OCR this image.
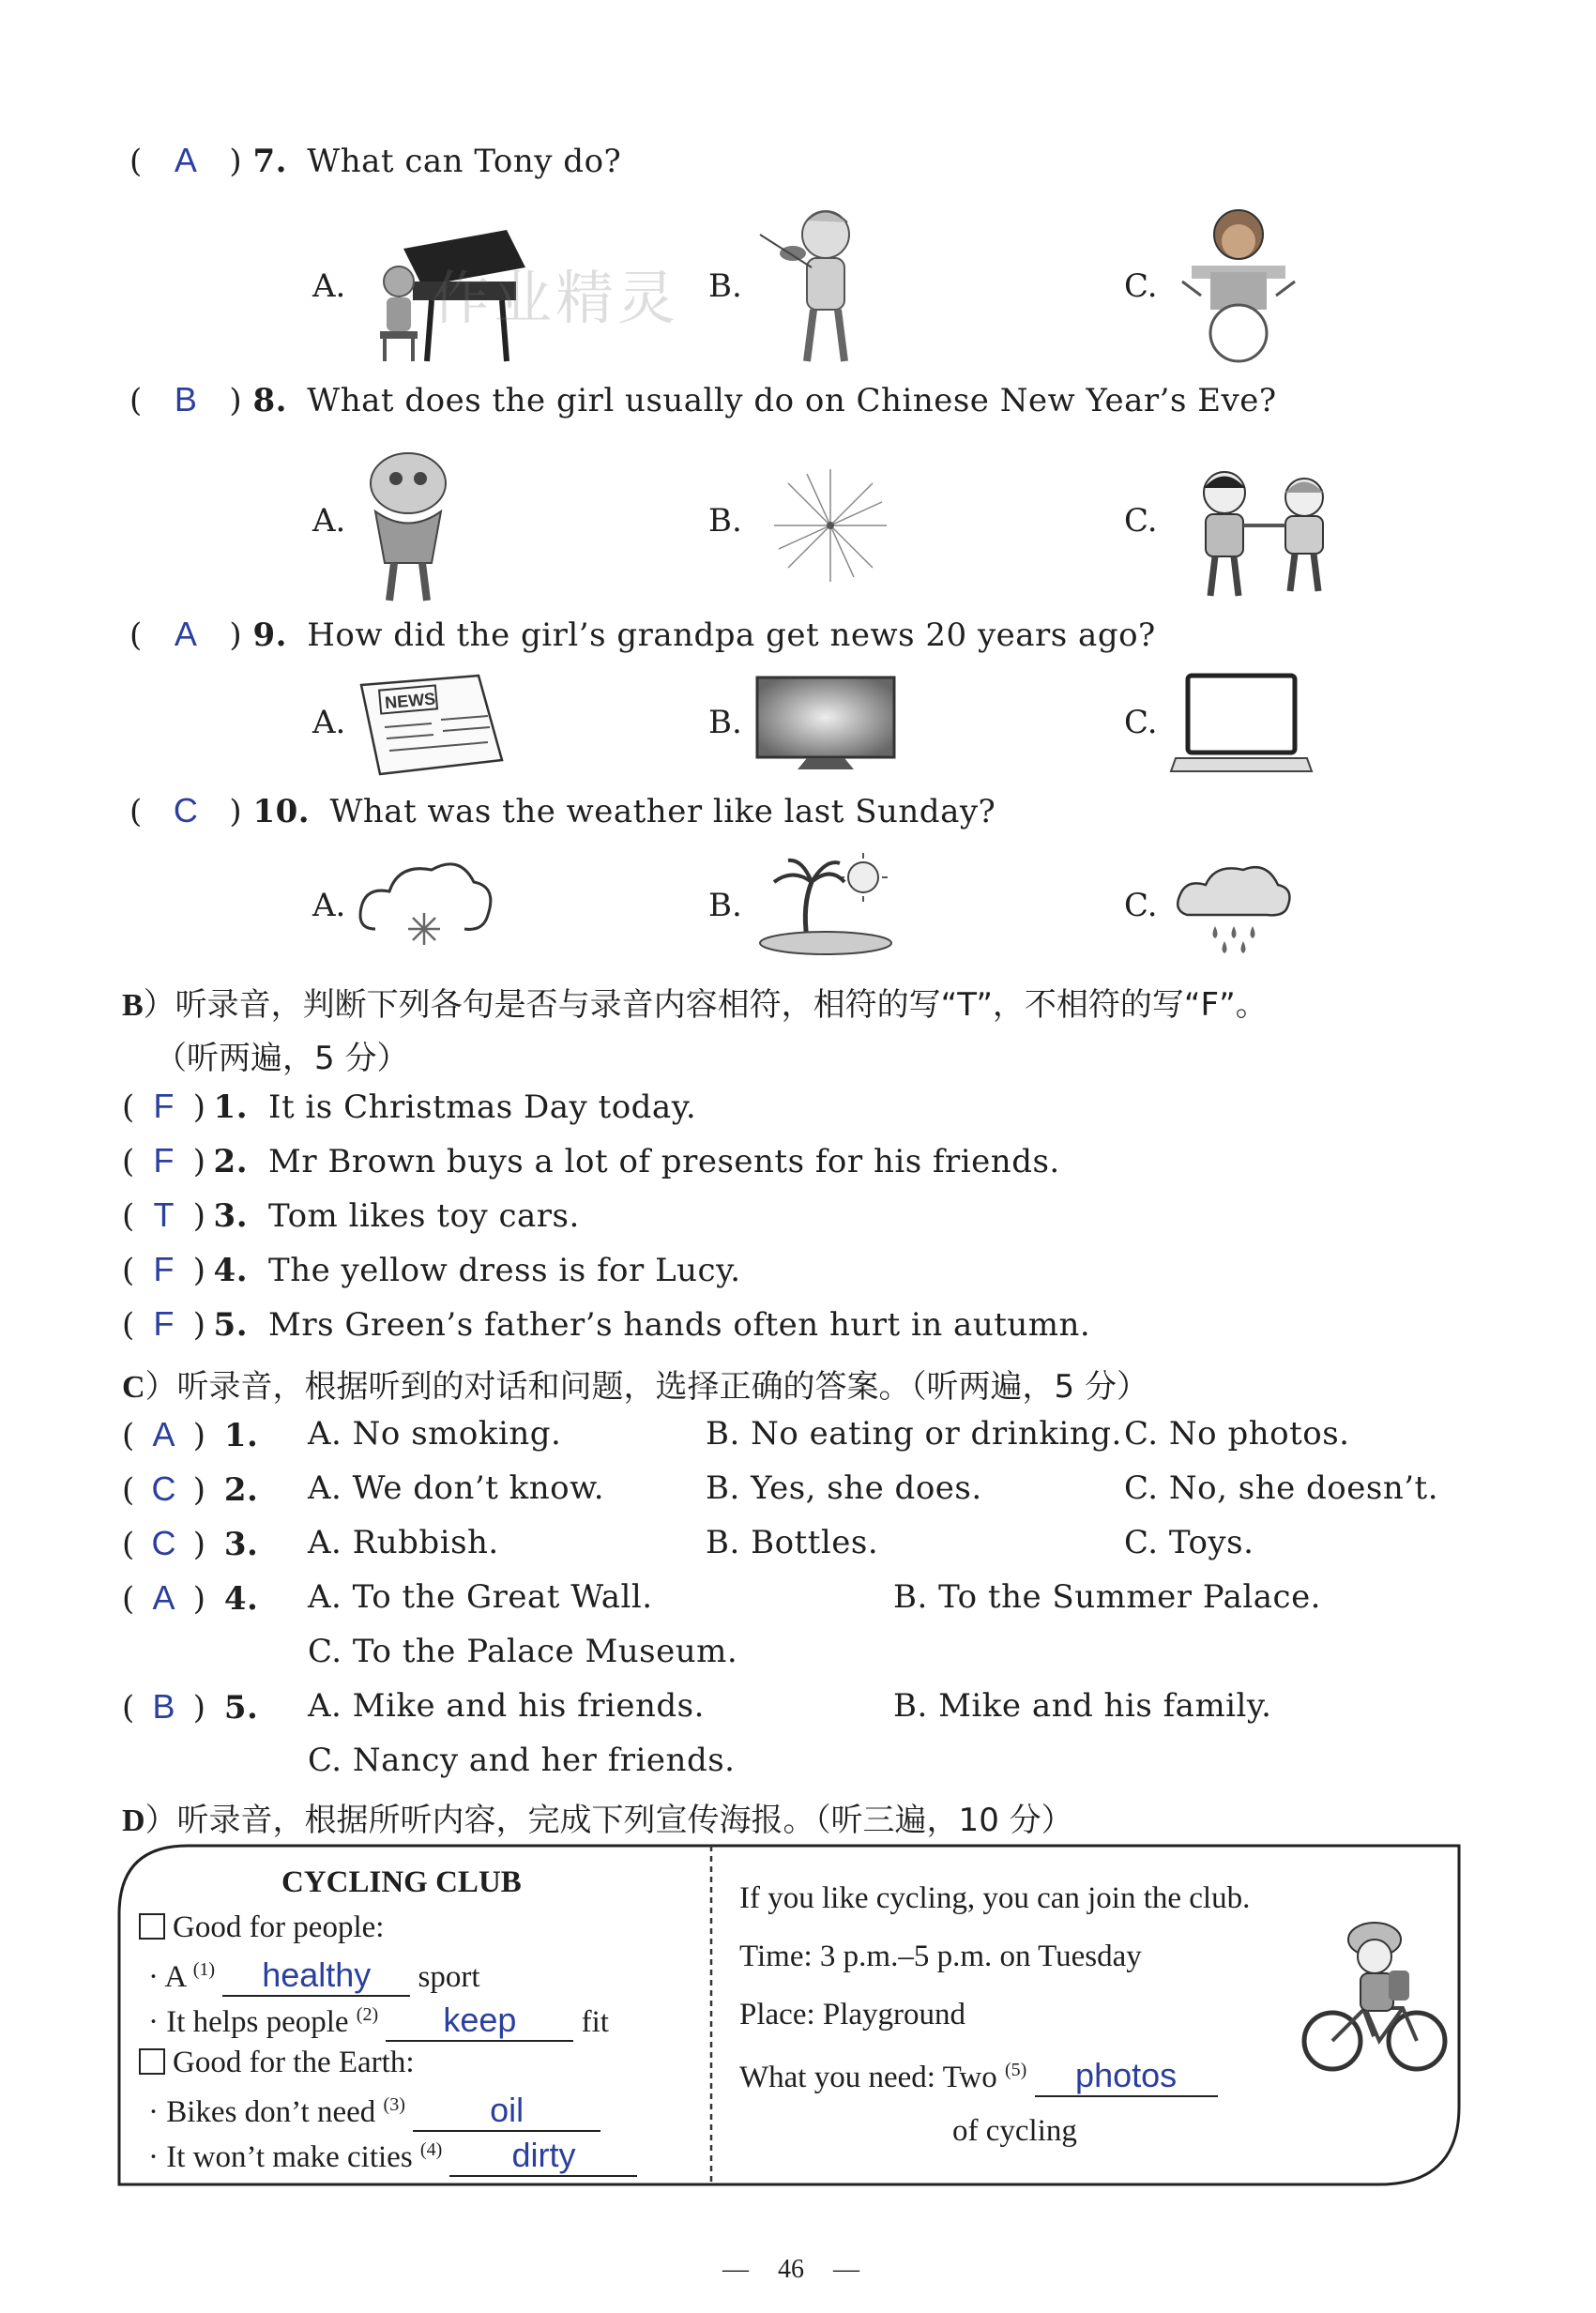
( A ) 7. What can Tony do?
A.	B.	C.
( B ) 8. What does the girl usually do on Chinese New Year’s Eve?
A.	B.	C.
( A ) 9. How did the girl’s grandpa get news 20 years ago?
A.	B.	C.
NEWS
( C ) 10. What was the weather like last Sunday?
A.	B.	C.
B）听录音，判断下列各句是否与录音内容相符，相符的写“T”，不相符的写“F”。
（听两遍，5 分）
( F ) 1. It is Christmas Day today.
( F ) 2. Mr Brown buys a lot of presents for his friends.
( T ) 3. Tom likes toy cars.
( F ) 4. The yellow dress is for Lucy.
( F ) 5. Mrs Green’s father’s hands often hurt in autumn.
C）听录音，根据听到的对话和问题，选择正确的答案。（听两遍，5 分）
( A ) 1. A. No smoking.	B. No eating or drinking. C. No photos.
( C ) 2. A. We don’t know.	B. Yes, she does.	C. No, she doesn’t.
( C ) 3. A. Rubbish.	B. Bottles.	C. Toys.
( A ) 4. A. To the Great Wall.	B. To the Summer Palace.
C. To the Palace Museum.
( B ) 5. A. Mike and his friends.	B. Mike and his family.
C. Nancy and her friends.
D）听录音，根据所听内容，完成下列宣传海报。（听三遍，10 分）
CYCLING CLUB
Good for people:
· A $^{(1)}$ healthy sport
· It helps people $^{(2)}$ keep fit
Good for the Earth:
· Bikes don’t need $^{(3)}$	oil
· It won’t make cities $^{(4)}$ dirty
If you like cycling, you can join the club.
Time: 3 p.m.–5 p.m. on Tuesday
Place: Playground
What you need: Two $^{(5)}$ photos
of cycling
— 46 —
作业精灵
